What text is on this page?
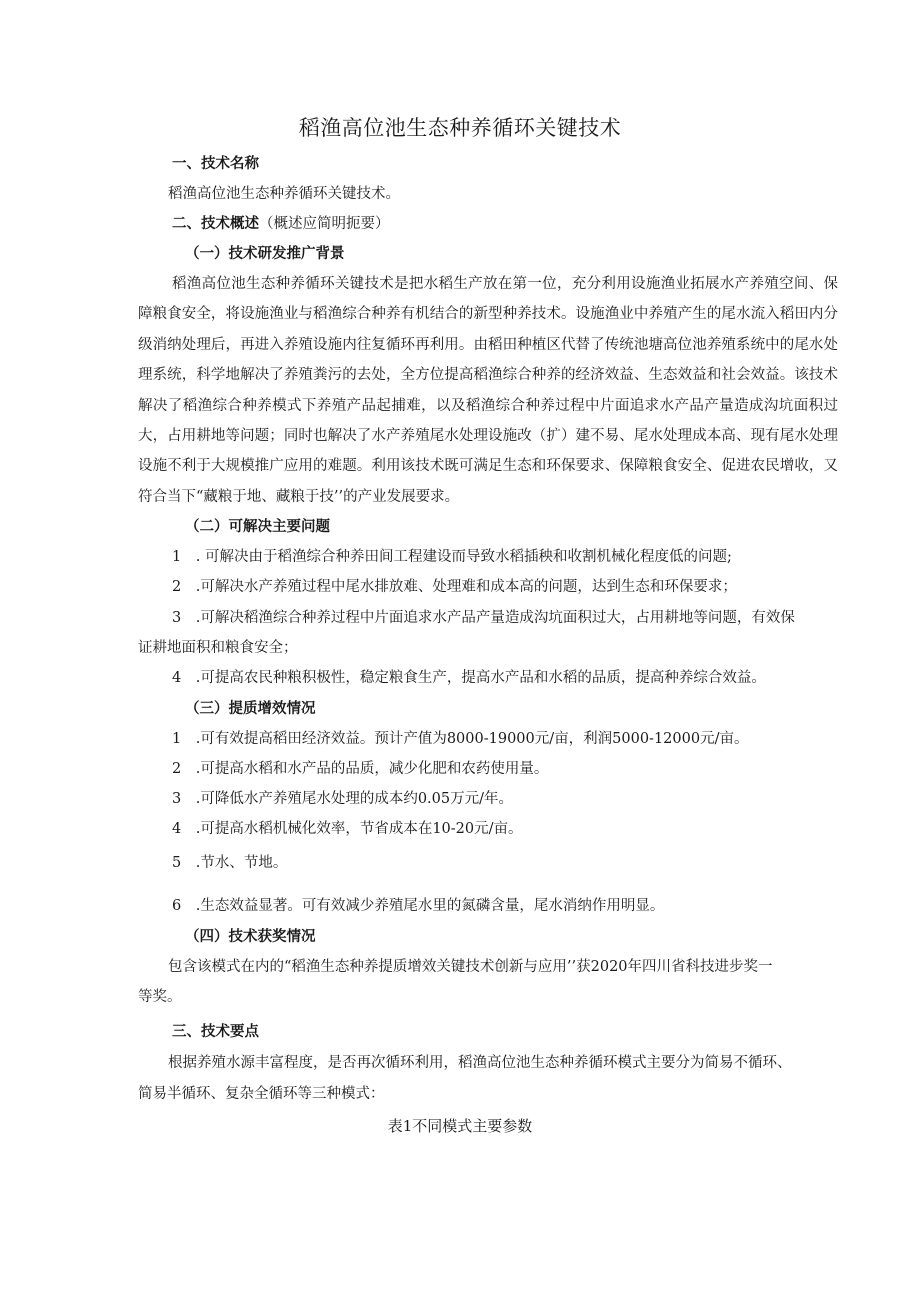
稻渔高位池生态种养循环关键技术
一、技术名称
稻渔高位池生态种养循环关键技术。
二、技术概述（概述应简明扼要）
（一）技术研发推广背景
稻渔高位池生态种养循环关键技术是把水稻生产放在第一位，充分利用设施渔业拓展水产养殖空间、保障粮食安全，将设施渔业与稻渔综合种养有机结合的新型种养技术。设施渔业中养殖产生的尾水流入稻田内分级消纳处理后，再进入养殖设施内往复循环再利用。由稻田种植区代替了传统池塘高位池养殖系统中的尾水处理系统，科学地解决了养殖粪污的去处，全方位提高稻渔综合种养的经济效益、生态效益和社会效益。该技术解决了稻渔综合种养模式下养殖产品起捕难，以及稻渔综合种养过程中片面追求水产品产量造成沟坑面积过大，占用耕地等问题；同时也解决了水产养殖尾水处理设施改（扩）建不易、尾水处理成本高、现有尾水处理设施不利于大规模推广应用的难题。利用该技术既可满足生态和环保要求、保障粮食安全、促进农民增收，又符合当下“藏粮于地、藏粮于技’’的产业发展要求。
（二）可解决主要问题
1　. 可解决由于稻渔综合种养田间工程建设而导致水稻插秧和收割机械化程度低的问题;
2　.可解决水产养殖过程中尾水排放难、处理难和成本高的问题，达到生态和环保要求；
3　.可解决稻渔综合种养过程中片面追求水产品产量造成沟坑面积过大，占用耕地等问题，有效保
证耕地面积和粮食安全；
4　.可提高农民种粮积极性，稳定粮食生产，提高水产品和水稻的品质，提高种养综合效益。
（三）提质增效情况
1　.可有效提高稻田经济效益。预计产值为8000-19000元/亩，利润5000-12000元/亩。
2　.可提高水稻和水产品的品质，减少化肥和农药使用量。
3　.可降低水产养殖尾水处理的成本约0.05万元/年。
4　.可提高水稻机械化效率，节省成本在10-20元/亩。
5　.节水、节地。
6　.生态效益显著。可有效减少养殖尾水里的氮磷含量，尾水消纳作用明显。
（四）技术获奖情况
包含该模式在内的“稻渔生态种养提质增效关键技术创新与应用’’获2020年四川省科技进步奖一
等奖。
三、技术要点
根据养殖水源丰富程度，是否再次循环利用，稻渔高位池生态种养循环模式主要分为简易不循环、
简易半循环、复杂全循环等三种模式：
表1不同模式主要参数
